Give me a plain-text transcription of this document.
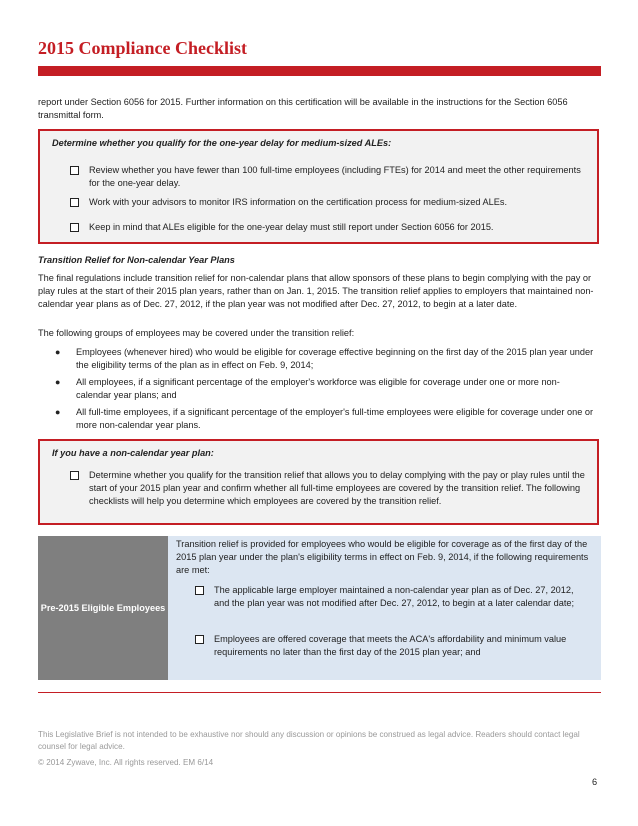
2015 Compliance Checklist
report under Section 6056 for 2015. Further information on this certification will be available in the instructions for the Section 6056 transmittal form.
Determine whether you qualify for the one-year delay for medium-sized ALEs:
Review whether you have fewer than 100 full-time employees (including FTEs) for 2014 and meet the other requirements for the one-year delay.
Work with your advisors to monitor IRS information on the certification process for medium-sized ALEs.
Keep in mind that ALEs eligible for the one-year delay must still report under Section 6056 for 2015.
Transition Relief for Non-calendar Year Plans
The final regulations include transition relief for non-calendar plans that allow sponsors of these plans to begin complying with the pay or play rules at the start of their 2015 plan years, rather than on Jan. 1, 2015. The transition relief applies to employers that maintained non-calendar year plans as of Dec. 27, 2012, if the plan year was not modified after Dec. 27, 2012, to begin at a later date.
The following groups of employees may be covered under the transition relief:
● Employees (whenever hired) who would be eligible for coverage effective beginning on the first day of the 2015 plan year under the eligibility terms of the plan as in effect on Feb. 9, 2014;
● All employees, if a significant percentage of the employer's workforce was eligible for coverage under one or more non-calendar year plans; and
● All full-time employees, if a significant percentage of the employer's full-time employees were eligible for coverage under one or more non-calendar year plans.
If you have a non-calendar year plan:
Determine whether you qualify for the transition relief that allows you to delay complying with the pay or play rules until the start of your 2015 plan year and confirm whether all full-time employees are covered by the transition relief. The following checklists will help you determine which employees are covered by the transition relief.
Pre-2015 Eligible Employees
Transition relief is provided for employees who would be eligible for coverage as of the first day of the 2015 plan year under the plan's eligibility terms in effect on Feb. 9, 2014, if the following requirements are met:
The applicable large employer maintained a non-calendar year plan as of Dec. 27, 2012, and the plan year was not modified after Dec. 27, 2012, to begin at a later calendar date;
Employees are offered coverage that meets the ACA's affordability and minimum value requirements no later than the first day of the 2015 plan year; and
This Legislative Brief is not intended to be exhaustive nor should any discussion or opinions be construed as legal advice. Readers should contact legal counsel for legal advice.
© 2014 Zywave, Inc. All rights reserved. EM 6/14
6
